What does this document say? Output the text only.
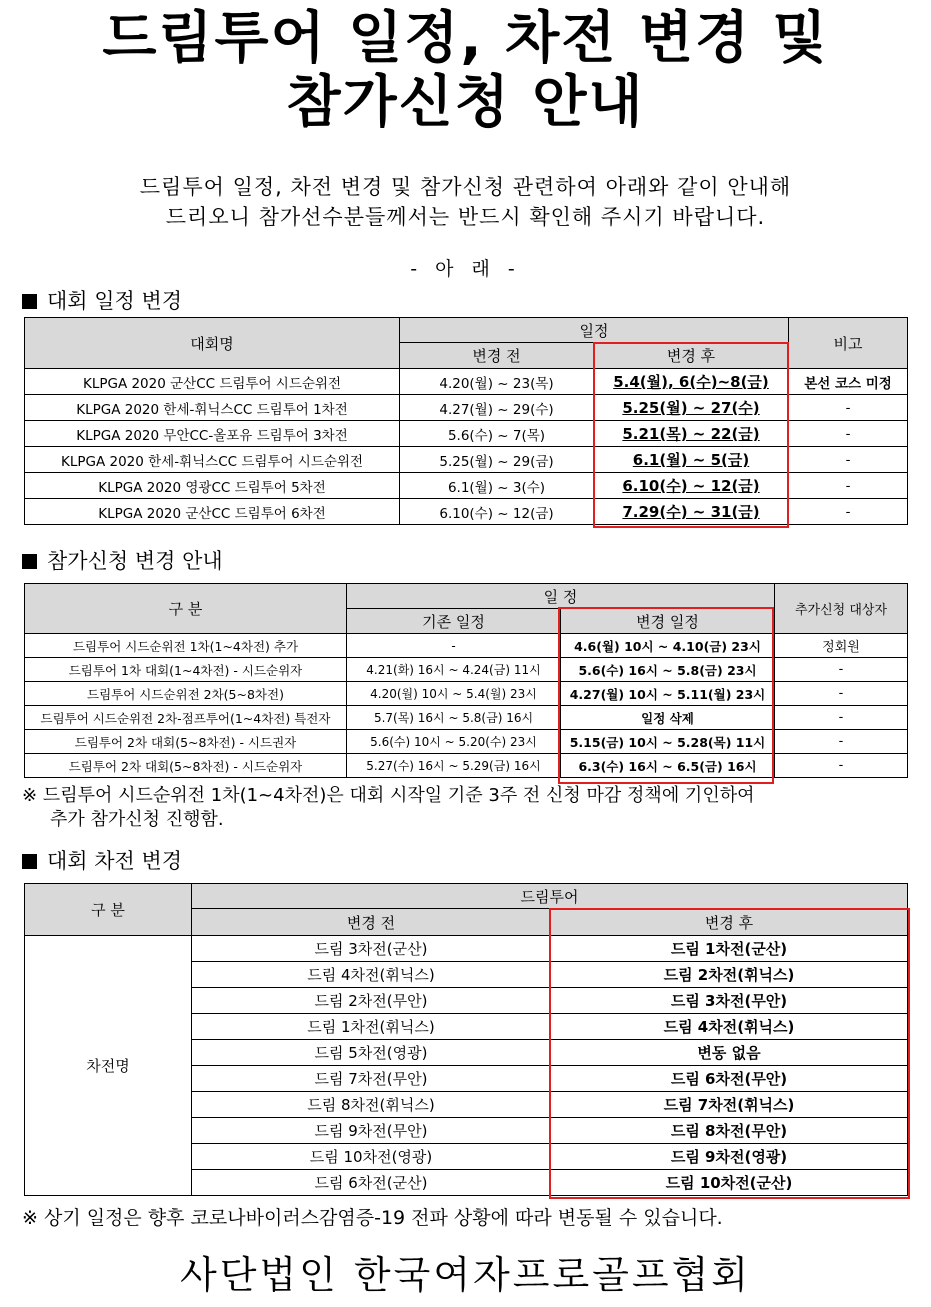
드림투어 일정, 차전 변경 및
참가신청 안내
드림투어 일정, 차전 변경 및 참가신청 관련하여 아래와 같이 안내해
드리오니 참가선수분들께서는 반드시 확인해 주시기 바랍니다.
- 아 래 -
대회 일정 변경
대회명	일정		비고
	변경 전	변경 후	
KLPGA 2020 군산CC 드림투어 시드순위전	4.20(월) ~ 23(목)	5.4(월), 6(수)~8(금)	본선 코스 미정
KLPGA 2020 한세-휘닉스CC 드림투어 1차전	4.27(월) ~ 29(수)	5.25(월) ~ 27(수)	-
KLPGA 2020 무안CC-올포유 드림투어 3차전	5.6(수) ~ 7(목)	5.21(목) ~ 22(금)	-
KLPGA 2020 한세-휘닉스CC 드림투어 시드순위전	5.25(월) ~ 29(금)	6.1(월) ~ 5(금)	-
KLPGA 2020 영광CC 드림투어 5차전	6.1(월) ~ 3(수)	6.10(수) ~ 12(금)	-
KLPGA 2020 군산CC 드림투어 6차전	6.10(수) ~ 12(금)	7.29(수) ~ 31(금)	-
참가신청 변경 안내
구 분	일 정		추가신청 대상자
	기존 일정	변경 일정	
드림투어 시드순위전 1차(1~4차전) 추가	-	4.6(월) 10시 ~ 4.10(금) 23시	정회원
드림투어 1차 대회(1~4차전) - 시드순위자	4.21(화) 16시 ~ 4.24(금) 11시	5.6(수) 16시 ~ 5.8(금) 23시	-
드림투어 시드순위전 2차(5~8차전)	4.20(월) 10시 ~ 5.4(월) 23시	4.27(월) 10시 ~ 5.11(월) 23시	-
드림투어 시드순위전 2차-점프투어(1~4차전) 특전자	5.7(목) 16시 ~ 5.8(금) 16시	일정 삭제	-
드림투어 2차 대회(5~8차전) - 시드권자	5.6(수) 10시 ~ 5.20(수) 23시	5.15(금) 10시 ~ 5.28(목) 11시	-
드림투어 2차 대회(5~8차전) - 시드순위자	5.27(수) 16시 ~ 5.29(금) 16시	6.3(수) 16시 ~ 6.5(금) 16시	-
※ 드림투어 시드순위전 1차(1~4차전)은 대회 시작일 기준 3주 전 신청 마감 정책에 기인하여
추가 참가신청 진행함.
대회 차전 변경
구 분	드림투어	
	변경 전	변경 후
차전명	드림 3차전(군산)	드림 1차전(군산)
	드림 4차전(휘닉스)	드림 2차전(휘닉스)
	드림 2차전(무안)	드림 3차전(무안)
	드림 1차전(휘닉스)	드림 4차전(휘닉스)
	드림 5차전(영광)	변동 없음
	드림 7차전(무안)	드림 6차전(무안)
	드림 8차전(휘닉스)	드림 7차전(휘닉스)
	드림 9차전(무안)	드림 8차전(무안)
	드림 10차전(영광)	드림 9차전(영광)
	드림 6차전(군산)	드림 10차전(군산)
※ 상기 일정은 향후 코로나바이러스감염증-19 전파 상황에 따라 변동될 수 있습니다.
사단법인 한국여자프로골프협회
